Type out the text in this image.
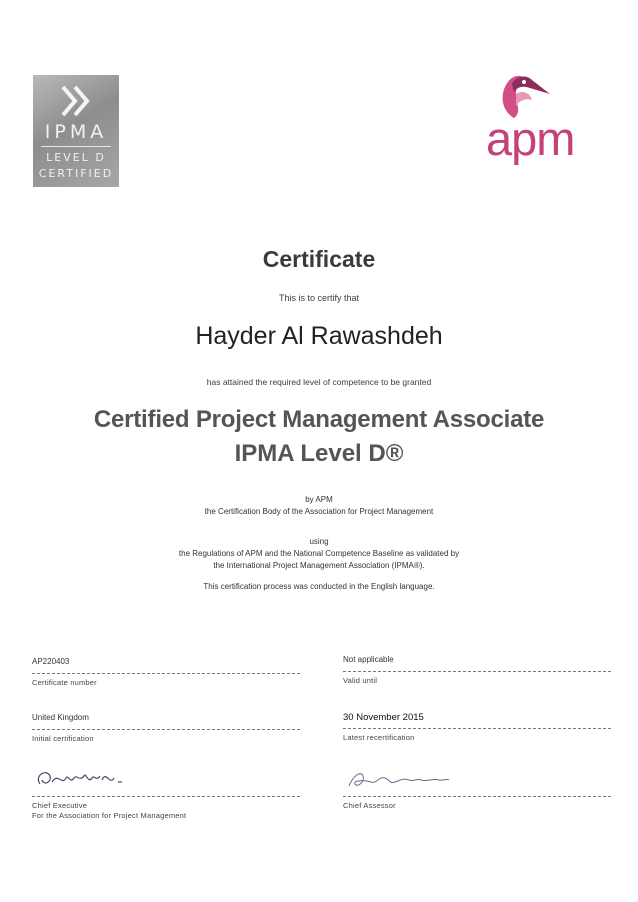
IPMA
LEVEL D
CERTIFIED
apm
Certificate
This is to certify that
Hayder Al Rawashdeh
has attained the required level of competence to be granted
Certified Project Management Associate
IPMA Level D®
by APM
the Certification Body of the Association for Project Management
using
the Regulations of APM and the National Competence Baseline as validated by
the International Project Management Association (IPMA®).
This certification process was conducted in the English language.
AP220403
Certificate number
Not applicable
Valid until
United Kingdom
Initial certification
30 November 2015
Latest recertification
Chief Executive
For the Association for Project Management
Chief Assessor
